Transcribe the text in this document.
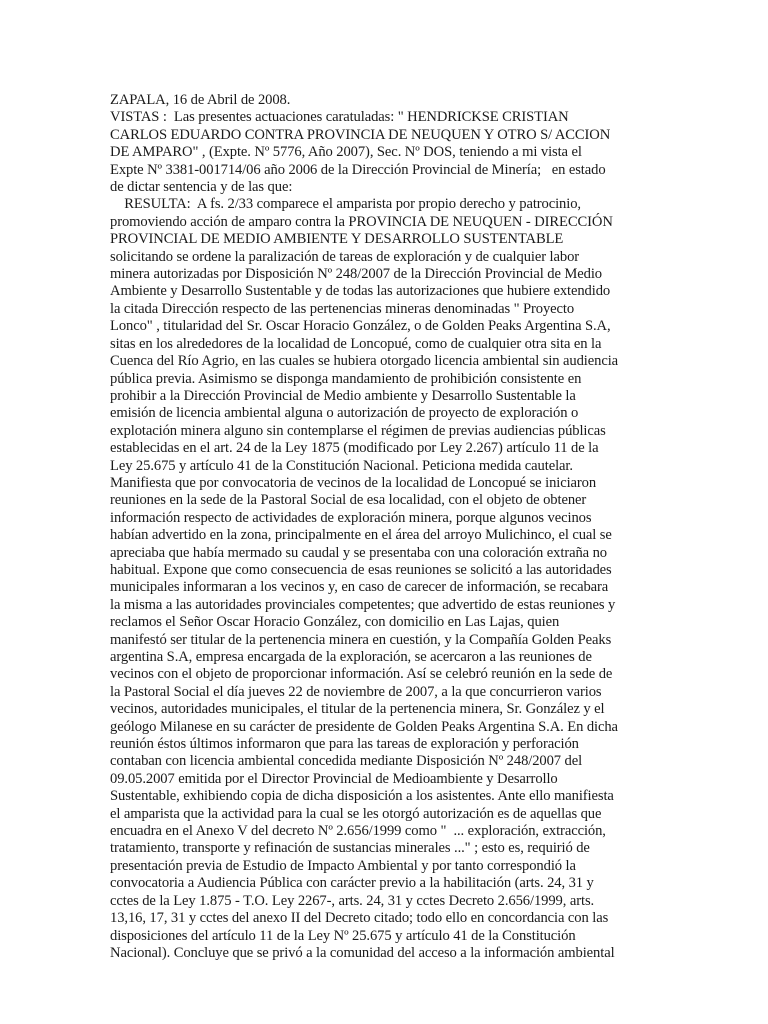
ZAPALA, 16 de Abril de 2008.
VISTAS :  Las presentes actuaciones caratuladas: " HENDRICKSE CRISTIAN
CARLOS EDUARDO CONTRA PROVINCIA DE NEUQUEN Y OTRO S/ ACCION
DE AMPARO" , (Expte. Nº 5776, Año 2007), Sec. Nº DOS, teniendo a mi vista el
Expte Nº 3381-001714/06 año 2006 de la Dirección Provincial de Minería;   en estado
de dictar sentencia y de las que:
RESULTA:  A fs. 2/33 comparece el amparista por propio derecho y patrocinio,
promoviendo acción de amparo contra la PROVINCIA DE NEUQUEN - DIRECCIÓN
PROVINCIAL DE MEDIO AMBIENTE Y DESARROLLO SUSTENTABLE
solicitando se ordene la paralización de tareas de exploración y de cualquier labor
minera autorizadas por Disposición Nº 248/2007 de la Dirección Provincial de Medio
Ambiente y Desarrollo Sustentable y de todas las autorizaciones que hubiere extendido
la citada Dirección respecto de las pertenencias mineras denominadas " Proyecto
Lonco" , titularidad del Sr. Oscar Horacio González, o de Golden Peaks Argentina S.A,
sitas en los alrededores de la localidad de Loncopué, como de cualquier otra sita en la
Cuenca del Río Agrio, en las cuales se hubiera otorgado licencia ambiental sin audiencia
pública previa. Asimismo se disponga mandamiento de prohibición consistente en
prohibir a la Dirección Provincial de Medio ambiente y Desarrollo Sustentable la
emisión de licencia ambiental alguna o autorización de proyecto de exploración o
explotación minera alguno sin contemplarse el régimen de previas audiencias públicas
establecidas en el art. 24 de la Ley 1875 (modificado por Ley 2.267) artículo 11 de la
Ley 25.675 y artículo 41 de la Constitución Nacional. Peticiona medida cautelar.
Manifiesta que por convocatoria de vecinos de la localidad de Loncopué se iniciaron
reuniones en la sede de la Pastoral Social de esa localidad, con el objeto de obtener
información respecto de actividades de exploración minera, porque algunos vecinos
habían advertido en la zona, principalmente en el área del arroyo Mulichinco, el cual se
apreciaba que había mermado su caudal y se presentaba con una coloración extraña no
habitual. Expone que como consecuencia de esas reuniones se solicitó a las autoridades
municipales informaran a los vecinos y, en caso de carecer de información, se recabara
la misma a las autoridades provinciales competentes; que advertido de estas reuniones y
reclamos el Señor Oscar Horacio González, con domicilio en Las Lajas, quien
manifestó ser titular de la pertenencia minera en cuestión, y la Compañía Golden Peaks
argentina S.A, empresa encargada de la exploración, se acercaron a las reuniones de
vecinos con el objeto de proporcionar información. Así se celebró reunión en la sede de
la Pastoral Social el día jueves 22 de noviembre de 2007, a la que concurrieron varios
vecinos, autoridades municipales, el titular de la pertenencia minera, Sr. González y el
geólogo Milanese en su carácter de presidente de Golden Peaks Argentina S.A. En dicha
reunión éstos últimos informaron que para las tareas de exploración y perforación
contaban con licencia ambiental concedida mediante Disposición Nº 248/2007 del
09.05.2007 emitida por el Director Provincial de Medioambiente y Desarrollo
Sustentable, exhibiendo copia de dicha disposición a los asistentes. Ante ello manifiesta
el amparista que la actividad para la cual se les otorgó autorización es de aquellas que
encuadra en el Anexo V del decreto Nº 2.656/1999 como "  ... exploración, extracción,
tratamiento, transporte y refinación de sustancias minerales ..." ; esto es, requirió de
presentación previa de Estudio de Impacto Ambiental y por tanto correspondió la
convocatoria a Audiencia Pública con carácter previo a la habilitación (arts. 24, 31 y
cctes de la Ley 1.875 - T.O. Ley 2267-, arts. 24, 31 y cctes Decreto 2.656/1999, arts.
13,16, 17, 31 y cctes del anexo II del Decreto citado; todo ello en concordancia con las
disposiciones del artículo 11 de la Ley Nº 25.675 y artículo 41 de la Constitución
Nacional). Concluye que se privó a la comunidad del acceso a la información ambiental
